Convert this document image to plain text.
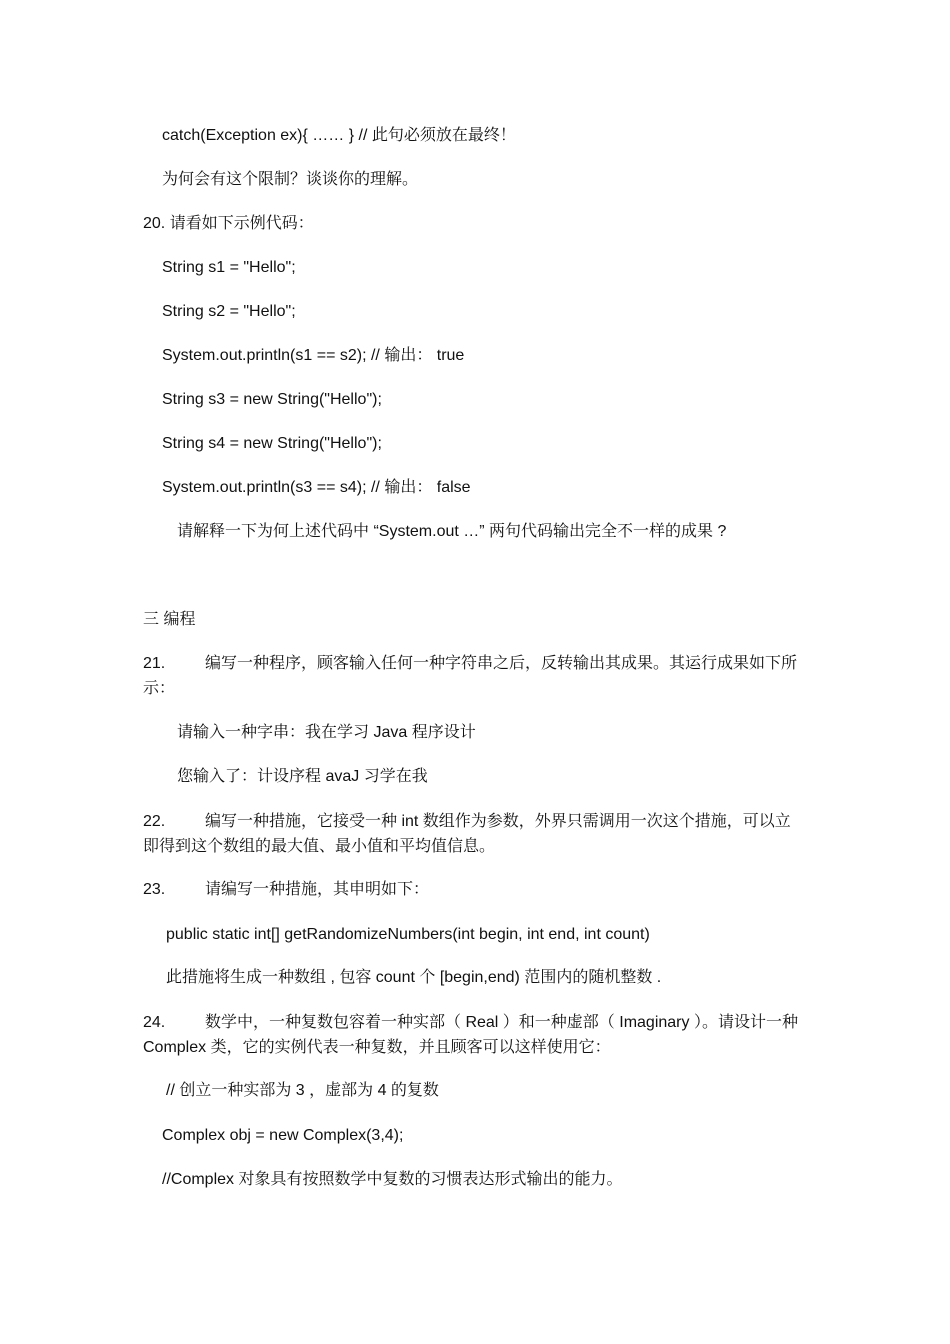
catch(Exception ex){ …… } // 此句必须放在最终！
为何会有这个限制？谈谈你的理解。
20. 请看如下示例代码：
String s1 = "Hello";
String s2 = "Hello";
System.out.println(s1 == s2); // 输出： true
String s3 = new String("Hello");
String s4 = new String("Hello");
System.out.println(s3 == s4); // 输出： false
请解释一下为何上述代码中 “System.out …” 两句代码输出完全不一样的成果 ?
三 编程
21. 编写一种程序，顾客输入任何一种字符串之后，反转输出其成果。其运行成果如下所示：
请输入一种字串：我在学习 Java 程序设计
您输入了：计设序程 avaJ 习学在我
22. 编写一种措施，它接受一种 int 数组作为参数，外界只需调用一次这个措施，可以立即得到这个数组的最大值、最小值和平均值信息。
23. 请编写一种措施，其申明如下：
public static int[] getRandomizeNumbers(int begin, int end, int count)
此措施将生成一种数组 , 包容 count 个 [begin,end) 范围内的随机整数 .
24. 数学中，一种复数包容着一种实部（ Real ）和一种虚部（ Imaginary ）。请设计一种 Complex 类，它的实例代表一种复数，并且顾客可以这样使用它：
// 创立一种实部为 3 ，虚部为 4 的复数
Complex obj = new Complex(3,4);
//Complex 对象具有按照数学中复数的习惯表达形式输出的能力。
